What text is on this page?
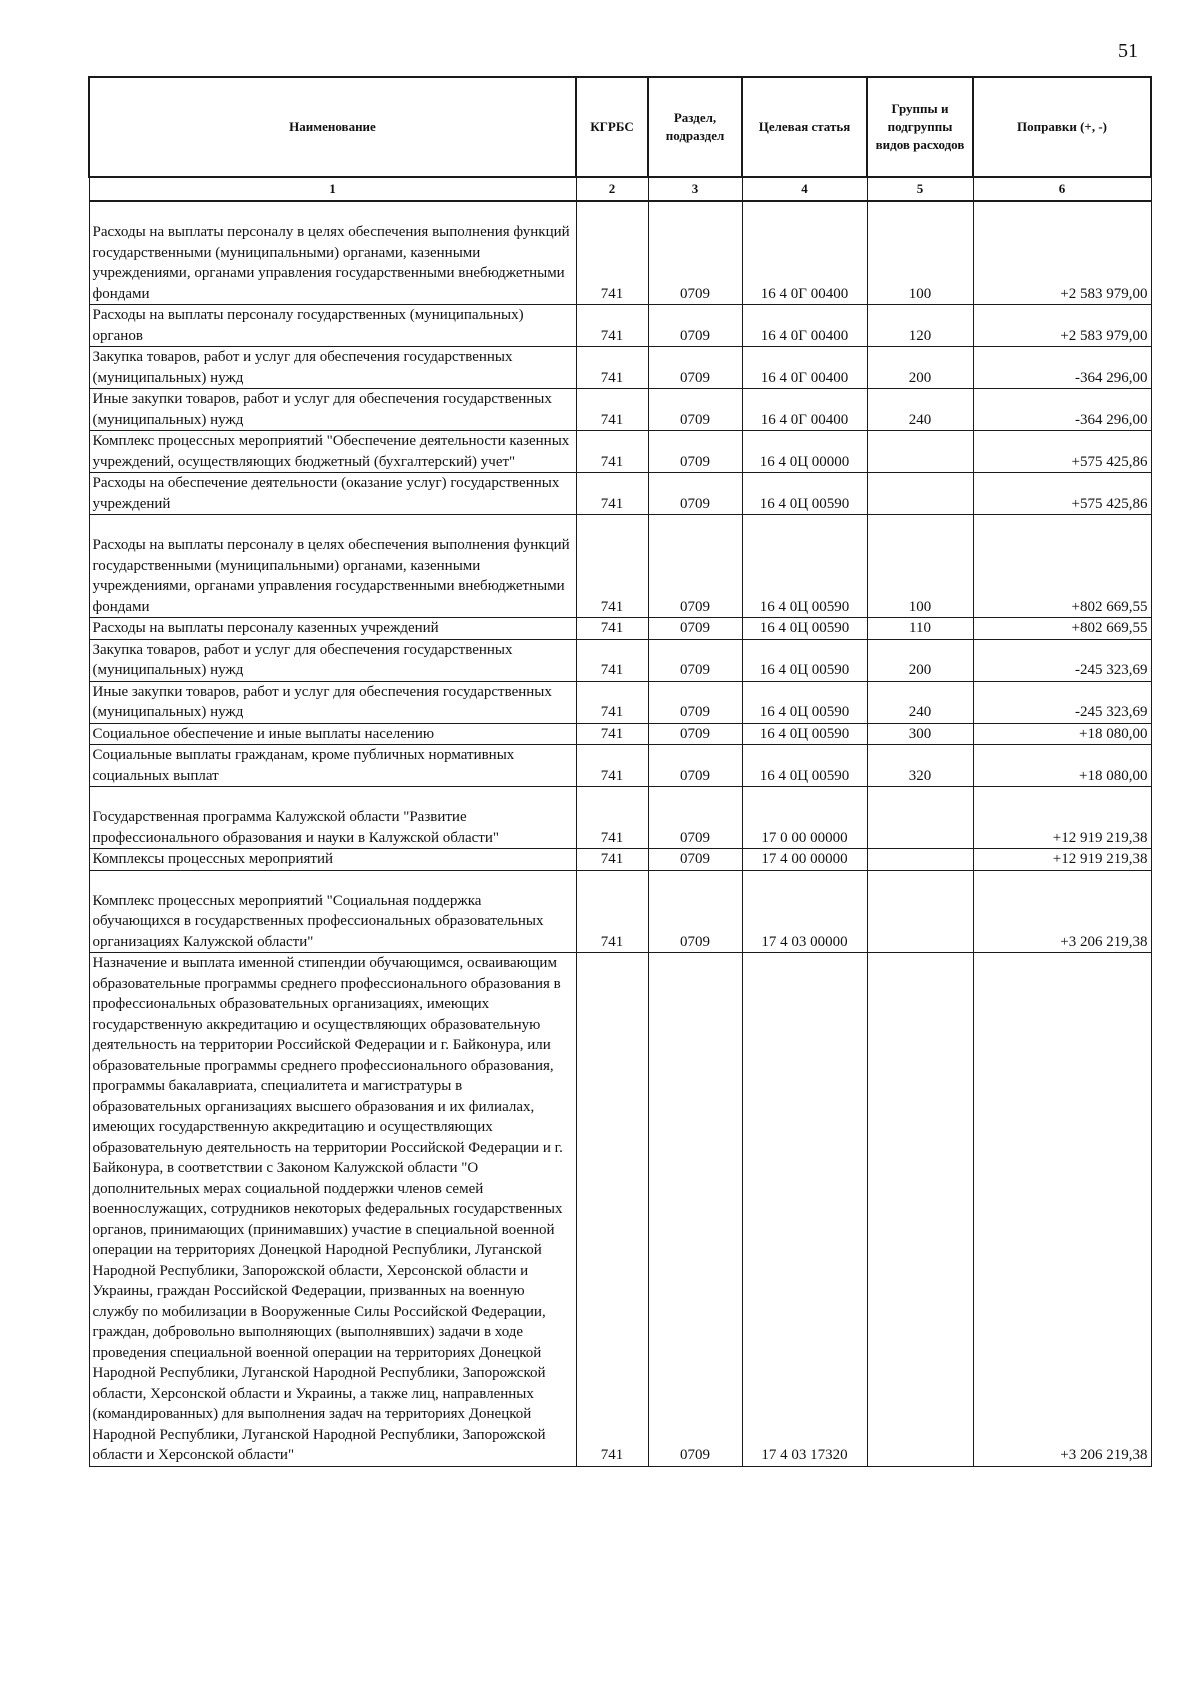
51
Наименование	КГРБС	Раздел, подраздел	Целевая статья	Группы и подгруппы видов расходов	Поправки (+, -)
1	2	3	4	5	6
Расходы на выплаты персоналу в целях обеспечения выполнения функций государственными (муниципальными) органами, казенными учреждениями, органами управления государственными внебюджетными фондами	741	0709	16 4 0Г 00400	100	+2 583 979,00
Расходы на выплаты персоналу государственных (муниципальных) органов	741	0709	16 4 0Г 00400	120	+2 583 979,00
Закупка товаров, работ и услуг для обеспечения государственных (муниципальных) нужд	741	0709	16 4 0Г 00400	200	-364 296,00
Иные закупки товаров, работ и услуг для обеспечения государственных (муниципальных) нужд	741	0709	16 4 0Г 00400	240	-364 296,00
Комплекс процессных мероприятий "Обеспечение деятельности казенных учреждений, осуществляющих бюджетный (бухгалтерский) учет"	741	0709	16 4 0Ц 00000		+575 425,86
Расходы на обеспечение деятельности (оказание услуг) государственных учреждений	741	0709	16 4 0Ц 00590		+575 425,86
Расходы на выплаты персоналу в целях обеспечения выполнения функций государственными (муниципальными) органами, казенными учреждениями, органами управления государственными внебюджетными фондами	741	0709	16 4 0Ц 00590	100	+802 669,55
Расходы на выплаты персоналу казенных учреждений	741	0709	16 4 0Ц 00590	110	+802 669,55
Закупка товаров, работ и услуг для обеспечения государственных (муниципальных) нужд	741	0709	16 4 0Ц 00590	200	-245 323,69
Иные закупки товаров, работ и услуг для обеспечения государственных (муниципальных) нужд	741	0709	16 4 0Ц 00590	240	-245 323,69
Социальное обеспечение и иные выплаты населению	741	0709	16 4 0Ц 00590	300	+18 080,00
Социальные выплаты гражданам, кроме публичных нормативных социальных выплат	741	0709	16 4 0Ц 00590	320	+18 080,00
Государственная программа Калужской области "Развитие профессионального образования и науки в Калужской области"	741	0709	17 0 00 00000		+12 919 219,38
Комплексы процессных мероприятий	741	0709	17 4 00 00000		+12 919 219,38
Комплекс процессных мероприятий "Социальная поддержка обучающихся в государственных профессиональных образовательных организациях Калужской области"	741	0709	17 4 03 00000		+3 206 219,38
Назначение и выплата именной стипендии обучающимся, осваивающим образовательные программы среднего профессионального образования в профессиональных образовательных организациях, имеющих государственную аккредитацию и осуществляющих образовательную деятельность на территории Российской Федерации и г. Байконура, или образовательные программы среднего профессионального образования, программы бакалавриата, специалитета и магистратуры в образовательных организациях высшего образования и их филиалах, имеющих государственную аккредитацию и осуществляющих образовательную деятельность на территории Российской Федерации и г. Байконура, в соответствии с Законом Калужской области "О дополнительных мерах социальной поддержки членов семей военнослужащих, сотрудников некоторых федеральных государственных органов, принимающих (принимавших) участие в специальной военной операции на территориях Донецкой Народной Республики, Луганской Народной Республики, Запорожской области, Херсонской области и Украины, граждан Российской Федерации, призванных на военную службу по мобилизации в Вооруженные Силы Российской Федерации, граждан, добровольно выполняющих (выполнявших) задачи в ходе проведения специальной военной операции на территориях Донецкой Народной Республики, Луганской Народной Республики, Запорожской области, Херсонской области и Украины, а также лиц, направленных (командированных) для выполнения задач на территориях Донецкой Народной Республики, Луганской Народной Республики, Запорожской области и Херсонской области"	741	0709	17 4 03 17320		+3 206 219,38
